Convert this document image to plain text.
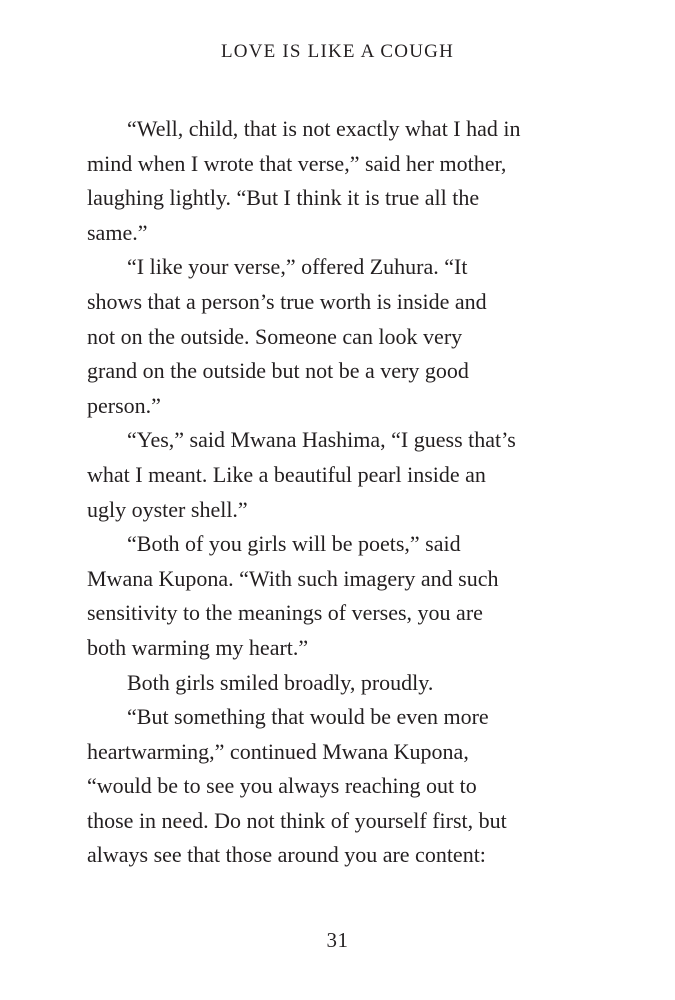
LOVE IS LIKE A COUGH

“Well, child, that is not exactly what I had in
mind when I wrote that verse,” said her mother,
laughing lightly. “But I think it is true all the
same.”

“I like your verse,” offered Zuhura. “It
shows that a person’s true worth is inside and
not on the outside. Someone can look very
grand on the outside but not be a very good
person.”

“Yes,” said Mwana Hashima, “I guess that’s
what I meant. Like a beautiful pearl inside an
ugly oyster shell.”

“Both of you girls will be poets,” said
Mwana Kupona. “With such imagery and such
sensitivity to the meanings of verses, you are
both warming my heart.”

Both girls smiled broadly, proudly.

“But something that would be even more
heartwarming,” continued Mwana Kupona,
“would be to see you always reaching out to
those in need. Do not think of yourself first, but
always see that those around you are content:

31
